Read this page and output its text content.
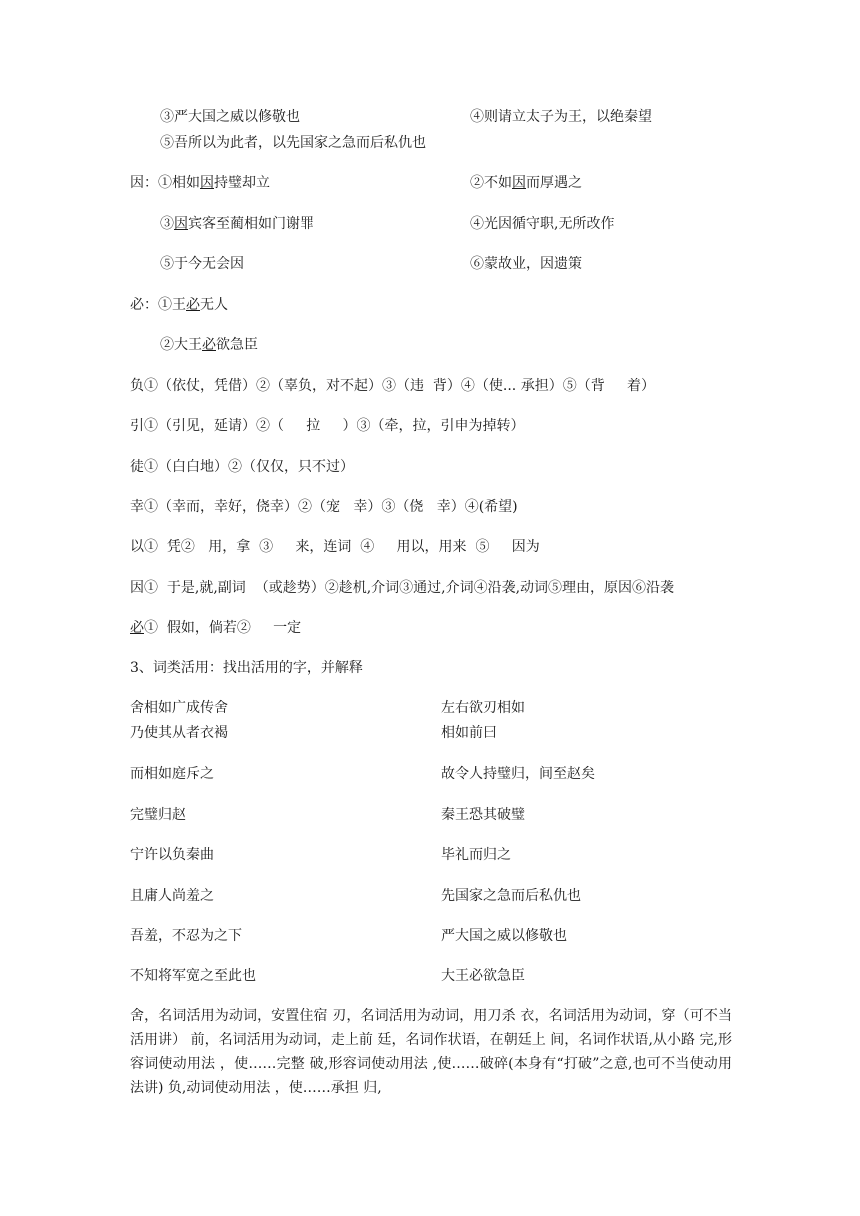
③严大国之威以修敬也	④则请立太子为王，以绝秦望
⑤吾所以为此者，以先国家之急而后私仇也
因：①相如因持璧却立	②不如因而厚遇之
③因宾客至蔺相如门谢罪	④光因循守职,无所改作
⑤于今无会因	⑥蒙故业，因遗策
必：①王必无人
②大王必欲急臣
负①（依仗，凭借）②（辜负，对不起）③（违  背）④（使... 承担）⑤（背     着）
引①（引见，延请）②（     拉     ）③（牵，拉，引申为掉转）
徒①（白白地）②（仅仅，只不过）
幸①（幸而，幸好，侥幸）②（宠   幸）③（侥   幸）④(希望)
以①  凭②   用，拿  ③     来，连词  ④     用以，用来  ⑤     因为
因①  于是,就,副词  （或趁势）②趁机,介词③通过,介词④沿袭,动词⑤理由，原因⑥沿袭
必①  假如，倘若②     一定
3、词类活用：找出活用的字，并解释
舍相如广成传舍	左右欲刃相如
乃使其从者衣褐	相如前曰
而相如庭斥之	故令人持璧归，间至赵矣
完璧归赵	秦王恐其破璧
宁许以负秦曲	毕礼而归之
且庸人尚羞之	先国家之急而后私仇也
吾羞，不忍为之下	严大国之威以修敬也
不知将军宽之至此也	大王必欲急臣
舍，名词活用为动词，安置住宿 刃，名词活用为动词，用刀杀 衣，名词活用为动词，穿（可不当活用讲） 前，名词活用为动词，走上前 廷，名词作状语，在朝廷上 间，名词作状语,从小路 完,形容词使动用法 ，使……完整 破,形容词使动用法 ,使……破碎(本身有“打破”之意,也可不当使动用法讲) 负,动词使动用法 ，使……承担 归,
